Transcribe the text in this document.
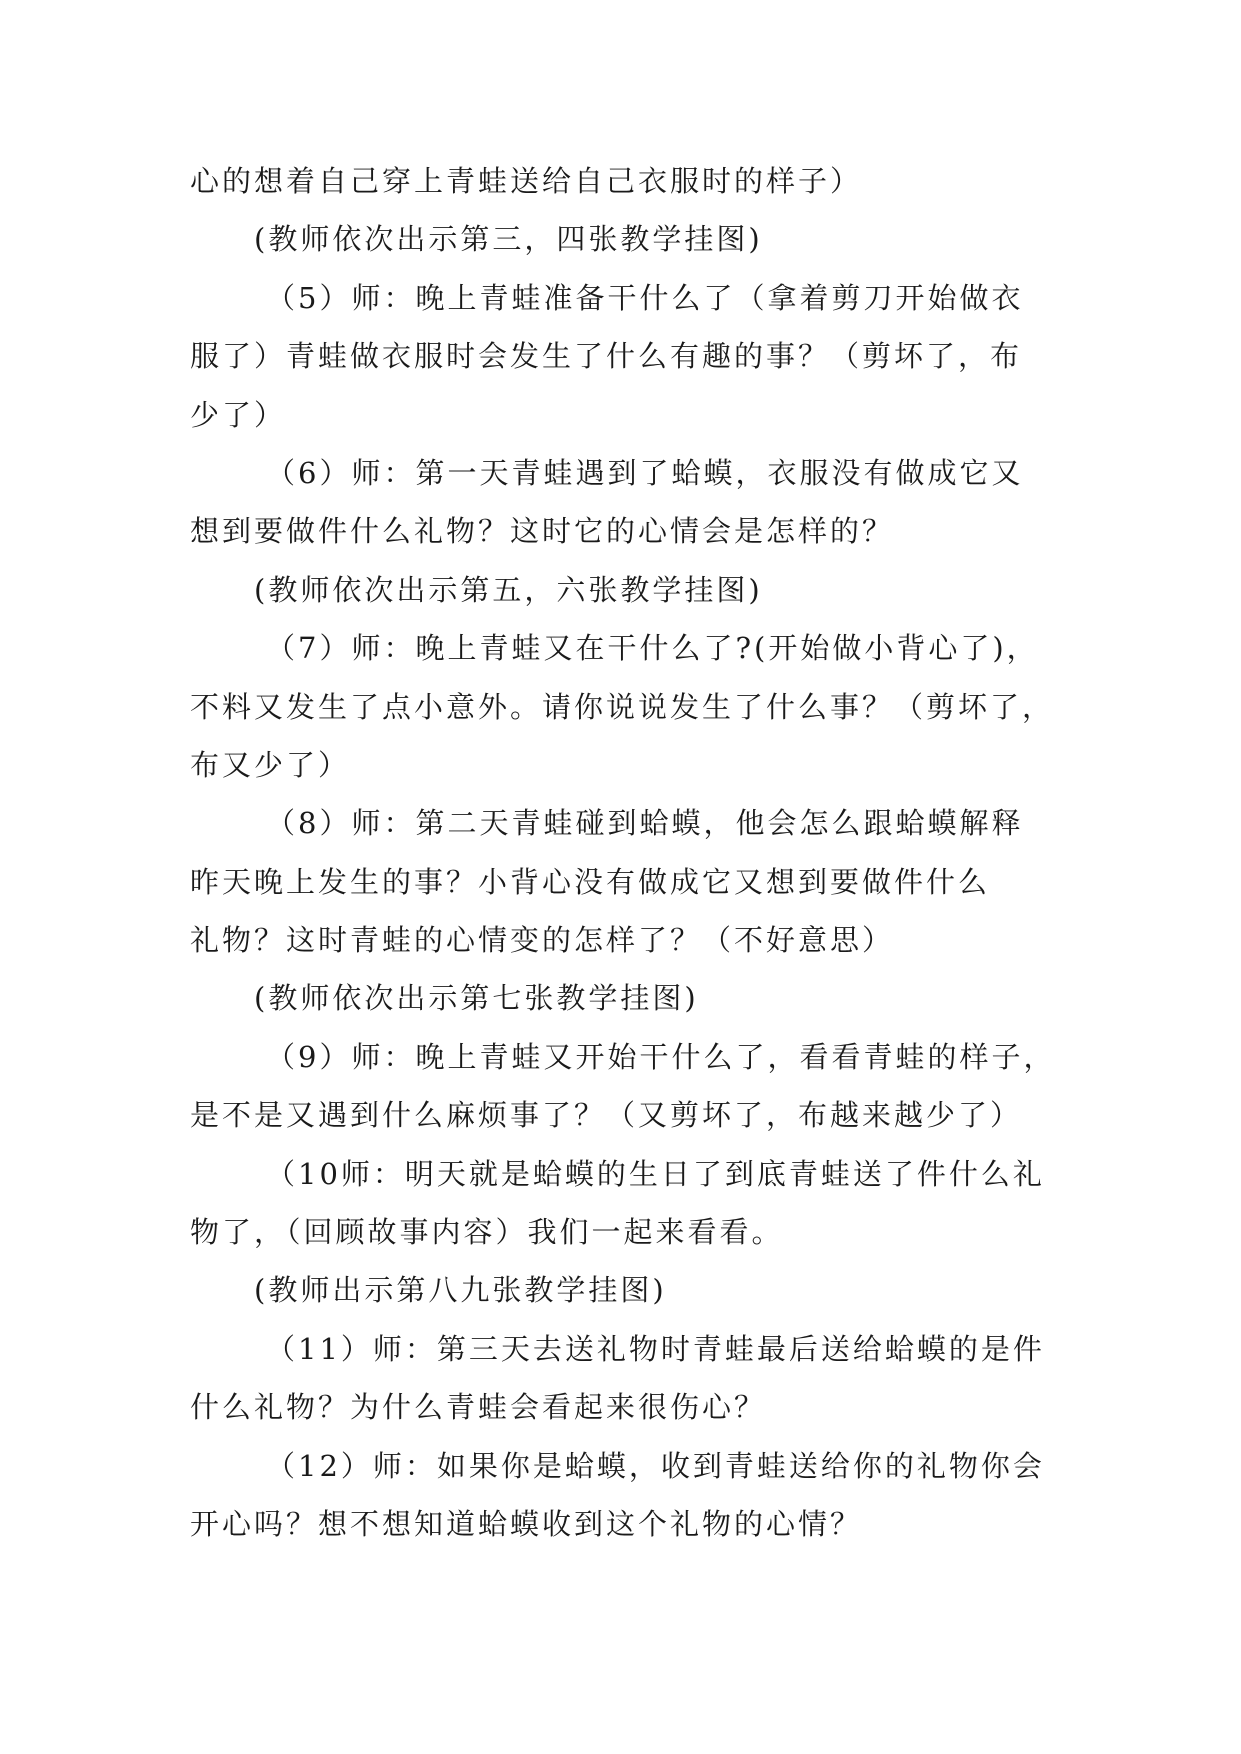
心的想着自己穿上青蛙送给自己衣服时的样子）
(教师依次出示第三，四张教学挂图)
（5）师：晚上青蛙准备干什么了（拿着剪刀开始做衣
服了）青蛙做衣服时会发生了什么有趣的事？（剪坏了，布
少了）
（6）师：第一天青蛙遇到了蛤蟆，衣服没有做成它又
想到要做件什么礼物？这时它的心情会是怎样的？
(教师依次出示第五，六张教学挂图)
（7）师：晚上青蛙又在干什么了?(开始做小背心了)，
不料又发生了点小意外。请你说说发生了什么事？（剪坏了，
布又少了）
（8）师：第二天青蛙碰到蛤蟆，他会怎么跟蛤蟆解释
昨天晚上发生的事？小背心没有做成它又想到要做件什么
礼物？这时青蛙的心情变的怎样了？（不好意思）
(教师依次出示第七张教学挂图)
（9）师：晚上青蛙又开始干什么了，看看青蛙的样子，
是不是又遇到什么麻烦事了？（又剪坏了，布越来越少了）
（10师：明天就是蛤蟆的生日了到底青蛙送了件什么礼
物了，（回顾故事内容）我们一起来看看。
(教师出示第八九张教学挂图)
（11）师：第三天去送礼物时青蛙最后送给蛤蟆的是件
什么礼物？为什么青蛙会看起来很伤心？
（12）师：如果你是蛤蟆，收到青蛙送给你的礼物你会
开心吗？想不想知道蛤蟆收到这个礼物的心情？
